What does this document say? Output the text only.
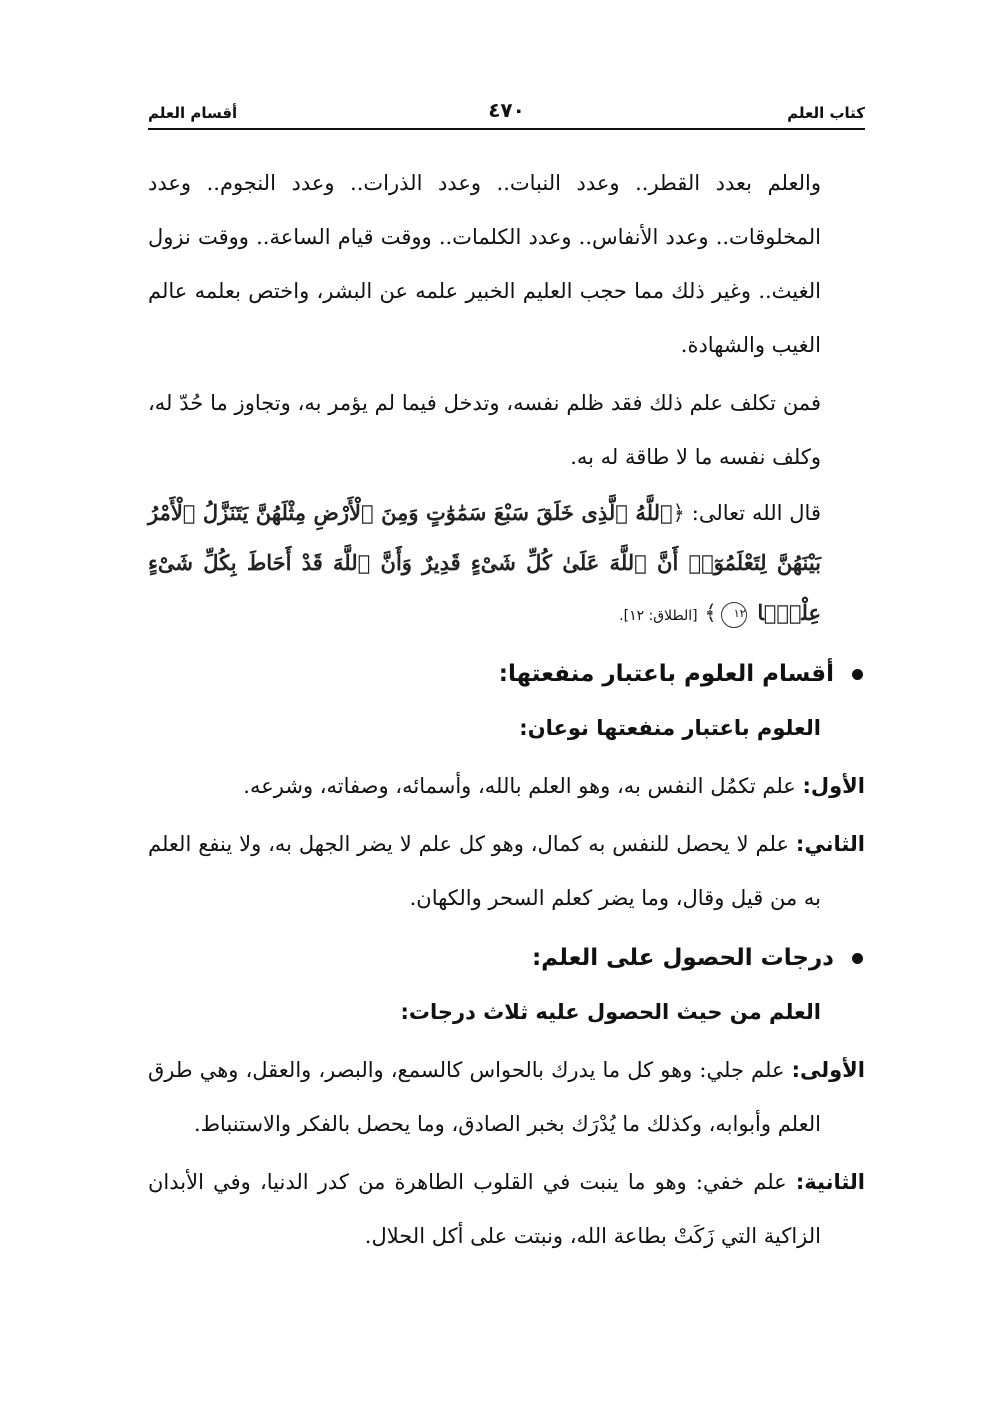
كتاب العلم
٤٧٠
أقسام العلم

والعلم بعدد القطر.. وعدد النبات.. وعدد الذرات.. وعدد النجوم.. وعدد المخلوقات.. وعدد الأنفاس.. وعدد الكلمات.. ووقت قيام الساعة.. ووقت نزول الغيث.. وغير ذلك مما حجب العليم الخبير علمه عن البشر، واختص بعلمه عالم الغيب والشهادة.

فمن تكلف علم ذلك فقد ظلم نفسه، وتدخل فيما لم يؤمر به، وتجاوز ما حُدّ له، وكلف نفسه ما لا طاقة له به.

قال الله تعالى: ﴿ٱللَّهُ ٱلَّذِى خَلَقَ سَبْعَ سَمَٰوَٰتٍ وَمِنَ ٱلْأَرْضِ مِثْلَهُنَّ يَتَنَزَّلُ ٱلْأَمْرُ بَيْنَهُنَّ لِتَعْلَمُوٓا۟ أَنَّ ٱللَّهَ عَلَىٰ كُلِّ شَىْءٍ قَدِيرٌ وَأَنَّ ٱللَّهَ قَدْ أَحَاطَ بِكُلِّ شَىْءٍ عِلْمًۢا ١٢﴾ [الطلاق: ١٢].

أقسام العلوم باعتبار منفعتها:

العلوم باعتبار منفعتها نوعان:

الأول: علم تكمُل النفس به، وهو العلم بالله، وأسمائه، وصفاته، وشرعه.

الثاني: علم لا يحصل للنفس به كمال، وهو كل علم لا يضر الجهل به، ولا ينفع العلم به من قيل وقال، وما يضر كعلم السحر والكهان.

درجات الحصول على العلم:

العلم من حيث الحصول عليه ثلاث درجات:

الأولى: علم جلي: وهو كل ما يدرك بالحواس كالسمع، والبصر، والعقل، وهي طرق العلم وأبوابه، وكذلك ما يُدْرَك بخبر الصادق، وما يحصل بالفكر والاستنباط.

الثانية: علم خفي: وهو ما ينبت في القلوب الطاهرة من كدر الدنيا، وفي الأبدان الزاكية التي زَكَتْ بطاعة الله، ونبتت على أكل الحلال.
